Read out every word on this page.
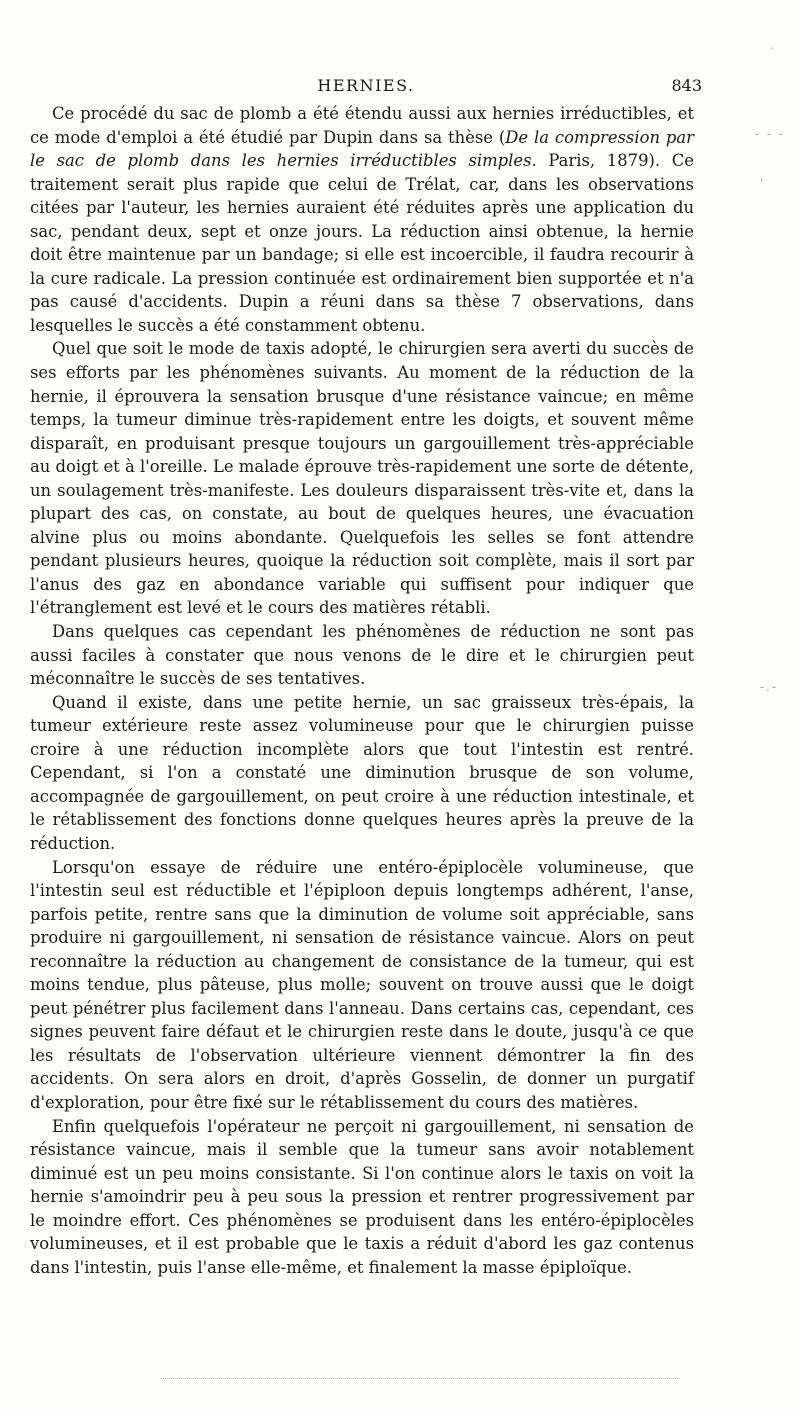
HERNIES.	843

Ce procédé du sac de plomb a été étendu aussi aux hernies irréductibles, et ce mode d'emploi a été étudié par Dupin dans sa thèse (De la compression par le sac de plomb dans les hernies irréductibles simples. Paris, 1879). Ce traitement serait plus rapide que celui de Trélat, car, dans les observations citées par l'auteur, les hernies auraient été réduites après une application du sac, pendant deux, sept et onze jours. La réduction ainsi obtenue, la hernie doit être maintenue par un bandage; si elle est incoercible, il faudra recourir à la cure radicale. La pression continuée est ordinairement bien supportée et n'a pas causé d'accidents. Dupin a réuni dans sa thèse 7 observations, dans lesquelles le succès a été constamment obtenu.

Quel que soit le mode de taxis adopté, le chirurgien sera averti du succès de ses efforts par les phénomènes suivants. Au moment de la réduction de la hernie, il éprouvera la sensation brusque d'une résistance vaincue; en même temps, la tumeur diminue très-rapidement entre les doigts, et souvent même disparaît, en produisant presque toujours un gargouillement très-appréciable au doigt et à l'oreille. Le malade éprouve très-rapidement une sorte de détente, un soulagement très-manifeste. Les douleurs disparaissent très-vite et, dans la plupart des cas, on constate, au bout de quelques heures, une évacuation alvine plus ou moins abondante. Quelquefois les selles se font attendre pendant plusieurs heures, quoique la réduction soit complète, mais il sort par l'anus des gaz en abondance variable qui suffisent pour indiquer que l'étranglement est levé et le cours des matières rétabli.

Dans quelques cas cependant les phénomènes de réduction ne sont pas aussi faciles à constater que nous venons de le dire et le chirurgien peut méconnaître le succès de ses tentatives.

Quand il existe, dans une petite hernie, un sac graisseux très-épais, la tumeur extérieure reste assez volumineuse pour que le chirurgien puisse croire à une réduction incomplète alors que tout l'intestin est rentré. Cependant, si l'on a constaté une diminution brusque de son volume, accompagnée de gargouillement, on peut croire à une réduction intestinale, et le rétablissement des fonctions donne quelques heures après la preuve de la réduction.

Lorsqu'on essaye de réduire une entéro-épiplocèle volumineuse, que l'intestin seul est réductible et l'épiploon depuis longtemps adhérent, l'anse, parfois petite, rentre sans que la diminution de volume soit appréciable, sans produire ni gargouillement, ni sensation de résistance vaincue. Alors on peut reconnaître la réduction au changement de consistance de la tumeur, qui est moins tendue, plus pâteuse, plus molle; souvent on trouve aussi que le doigt peut pénétrer plus facilement dans l'anneau. Dans certains cas, cependant, ces signes peuvent faire défaut et le chirurgien reste dans le doute, jusqu'à ce que les résultats de l'observation ultérieure viennent démontrer la fin des accidents. On sera alors en droit, d'après Gosselin, de donner un purgatif d'exploration, pour être fixé sur le rétablissement du cours des matières.

Enfin quelquefois l'opérateur ne perçoit ni gargouillement, ni sensation de résistance vaincue, mais il semble que la tumeur sans avoir notablement diminué est un peu moins consistante. Si l'on continue alors le taxis on voit la hernie s'amoindrir peu à peu sous la pression et rentrer progressivement par le moindre effort. Ces phénomènes se produisent dans les entéro-épiplocèles volumineuses, et il est probable que le taxis a réduit d'abord les gaz contenus dans l'intestin, puis l'anse elle-même, et finalement la masse épiploïque.

- - -
'
-.-
.
